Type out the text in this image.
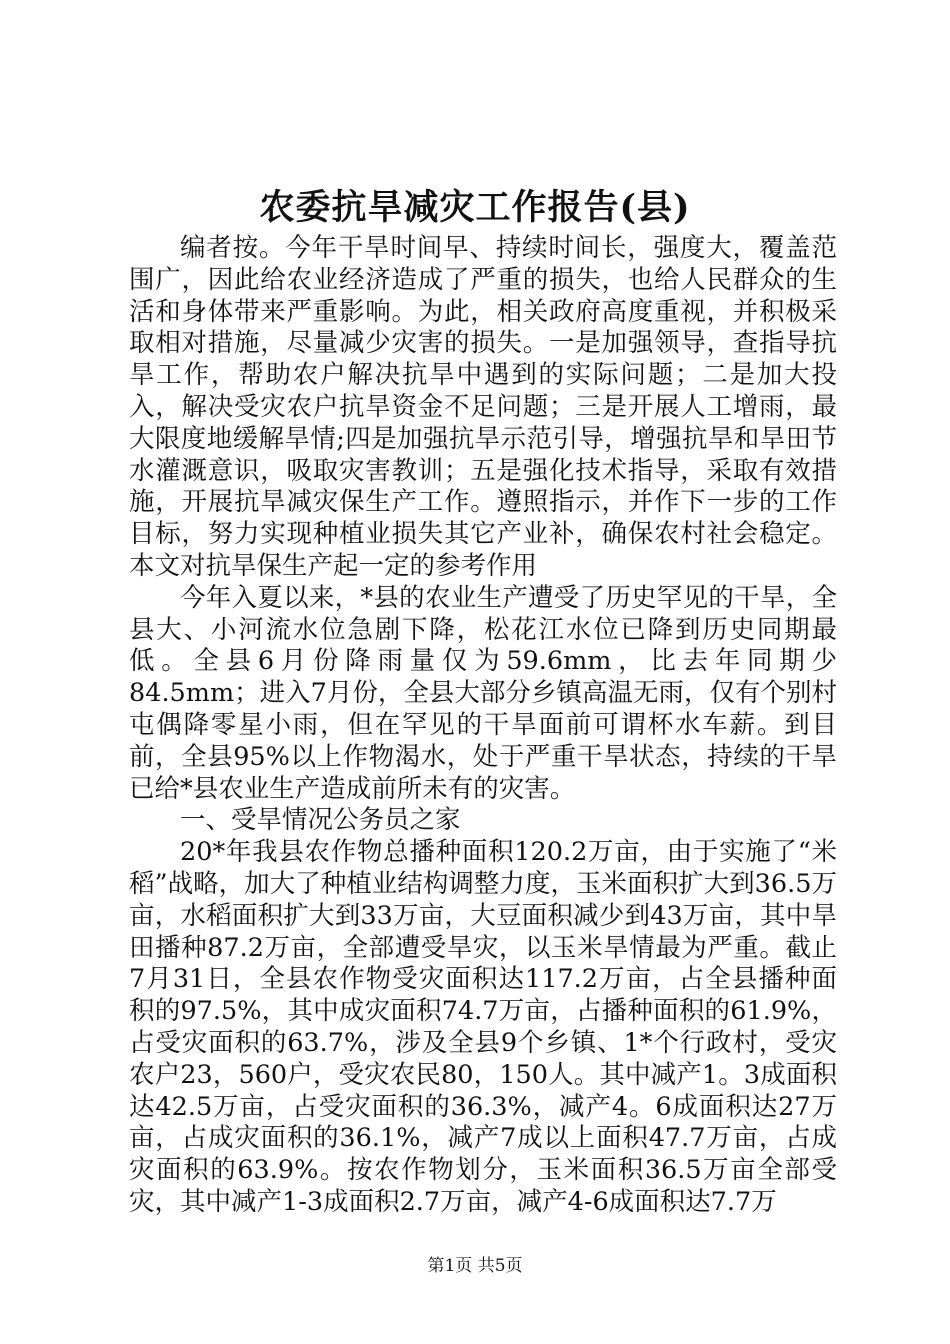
农委抗旱减灾工作报告(县)

编者按。今年干旱时间早、持续时间长，强度大，覆盖范围广，因此给农业经济造成了严重的损失，也给人民群众的生活和身体带来严重影响。为此，相关政府高度重视，并积极采取相对措施，尽量减少灾害的损失。一是加强领导，查指导抗旱工作，帮助农户解决抗旱中遇到的实际问题；二是加大投入，解决受灾农户抗旱资金不足问题；三是开展人工增雨，最大限度地缓解旱情;四是加强抗旱示范引导，增强抗旱和旱田节水灌溉意识，吸取灾害教训；五是强化技术指导，采取有效措施，开展抗旱减灾保生产工作。遵照指示，并作下一步的工作目标，努力实现种植业损失其它产业补，确保农村社会稳定。本文对抗旱保生产起一定的参考作用

今年入夏以来，*县的农业生产遭受了历史罕见的干旱，全县大、小河流水位急剧下降，松花江水位已降到历史同期最低。全县6月份降雨量仅为59.6mm，比去年同期少84.5mm；进入7月份，全县大部分乡镇高温无雨，仅有个别村屯偶降零星小雨，但在罕见的干旱面前可谓杯水车薪。到目前，全县95%以上作物渴水，处于严重干旱状态，持续的干旱已给*县农业生产造成前所未有的灾害。

一、受旱情况公务员之家

20*年我县农作物总播种面积120.2万亩，由于实施了“米稻”战略，加大了种植业结构调整力度，玉米面积扩大到36.5万亩，水稻面积扩大到33万亩，大豆面积减少到43万亩，其中旱田播种87.2万亩，全部遭受旱灾，以玉米旱情最为严重。截止7月31日，全县农作物受灾面积达117.2万亩，占全县播种面积的97.5%，其中成灾面积74.7万亩，占播种面积的61.9%，占受灾面积的63.7%，涉及全县9个乡镇、1*个行政村，受灾农户23，560户，受灾农民80，150人。其中减产1。3成面积达42.5万亩，占受灾面积的36.3%，减产4。6成面积达27万亩，占成灾面积的36.1%，减产7成以上面积47.7万亩，占成灾面积的63.9%。按农作物划分，玉米面积36.5万亩全部受灾，其中减产1-3成面积2.7万亩，减产4-6成面积达7.7万

第1页 共5页
